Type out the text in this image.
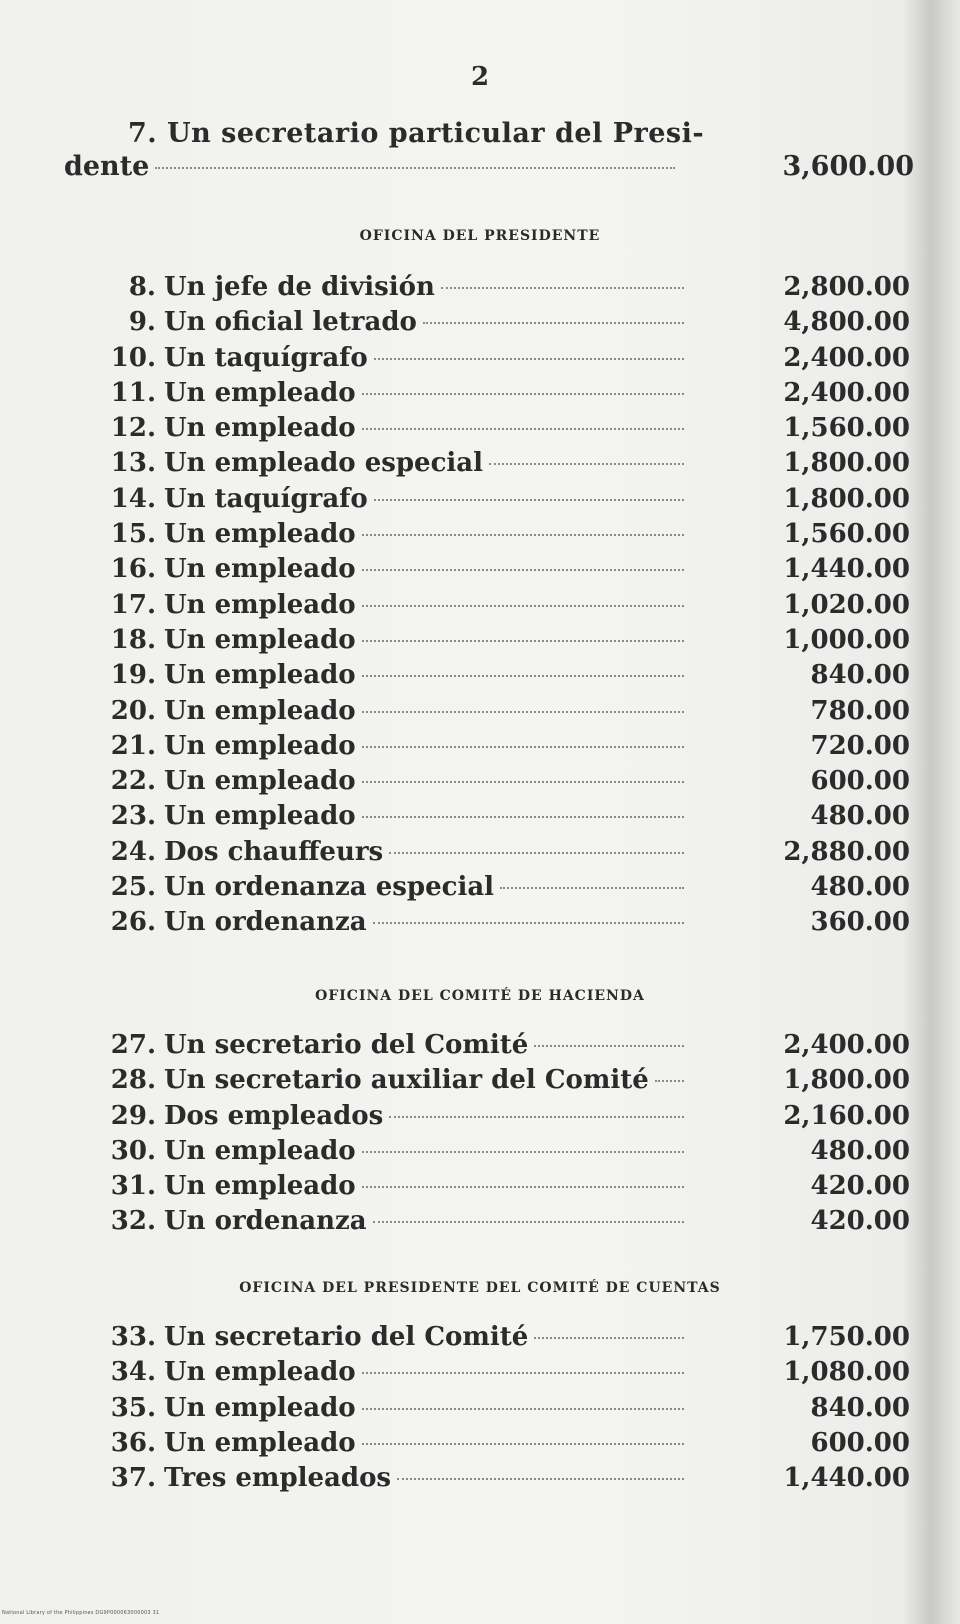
2
7. Un secretario particular del Presi-
dente	3,600.00
OFICINA DEL PRESIDENTE
8. Un jefe de división	2,800.00
9. Un oficial letrado	4,800.00
10. Un taquígrafo	2,400.00
11. Un empleado	2,400.00
12. Un empleado	1,560.00
13. Un empleado especial	1,800.00
14. Un taquígrafo	1,800.00
15. Un empleado	1,560.00
16. Un empleado	1,440.00
17. Un empleado	1,020.00
18. Un empleado	1,000.00
19. Un empleado	840.00
20. Un empleado	780.00
21. Un empleado	720.00
22. Un empleado	600.00
23. Un empleado	480.00
24. Dos chauffeurs	2,880.00
25. Un ordenanza especial	480.00
26. Un ordenanza	360.00
OFICINA DEL COMITÉ DE HACIENDA
27. Un secretario del Comité	2,400.00
28. Un secretario auxiliar del Comité	1,800.00
29. Dos empleados	2,160.00
30. Un empleado	480.00
31. Un empleado	420.00
32. Un ordenanza	420.00
OFICINA DEL PRESIDENTE DEL COMITÉ DE CUENTAS
33. Un secretario del Comité	1,750.00
34. Un empleado	1,080.00
35. Un empleado	840.00
36. Un empleado	600.00
37. Tres empleados	1,440.00
National Library of the Philippines DG9P000063000003 31
